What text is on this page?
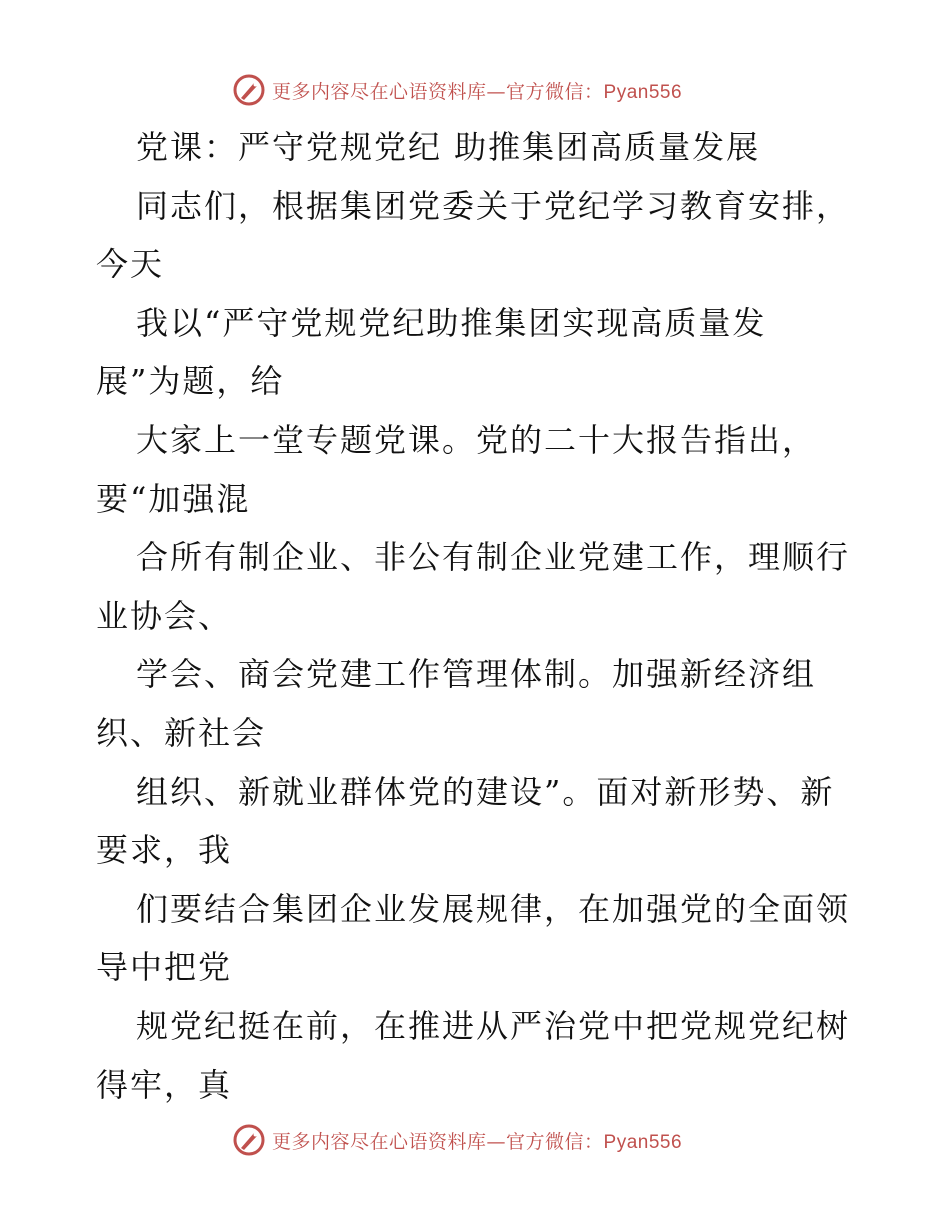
更多内容尽在心语资料库—官方微信：Pyan556
党课：严守党规党纪 助推集团高质量发展
同志们，根据集团党委关于党纪学习教育安排，
今天
我以“严守党规党纪助推集团实现高质量发
展”为题，给
大家上一堂专题党课。党的二十大报告指出，
要“加强混
合所有制企业、非公有制企业党建工作，理顺行
业协会、
学会、商会党建工作管理体制。加强新经济组
织、新社会
组织、新就业群体党的建设”。面对新形势、新
要求，我
们要结合集团企业发展规律，在加强党的全面领
导中把党
规党纪挺在前，在推进从严治党中把党规党纪树
得牢，真
更多内容尽在心语资料库—官方微信：Pyan556
